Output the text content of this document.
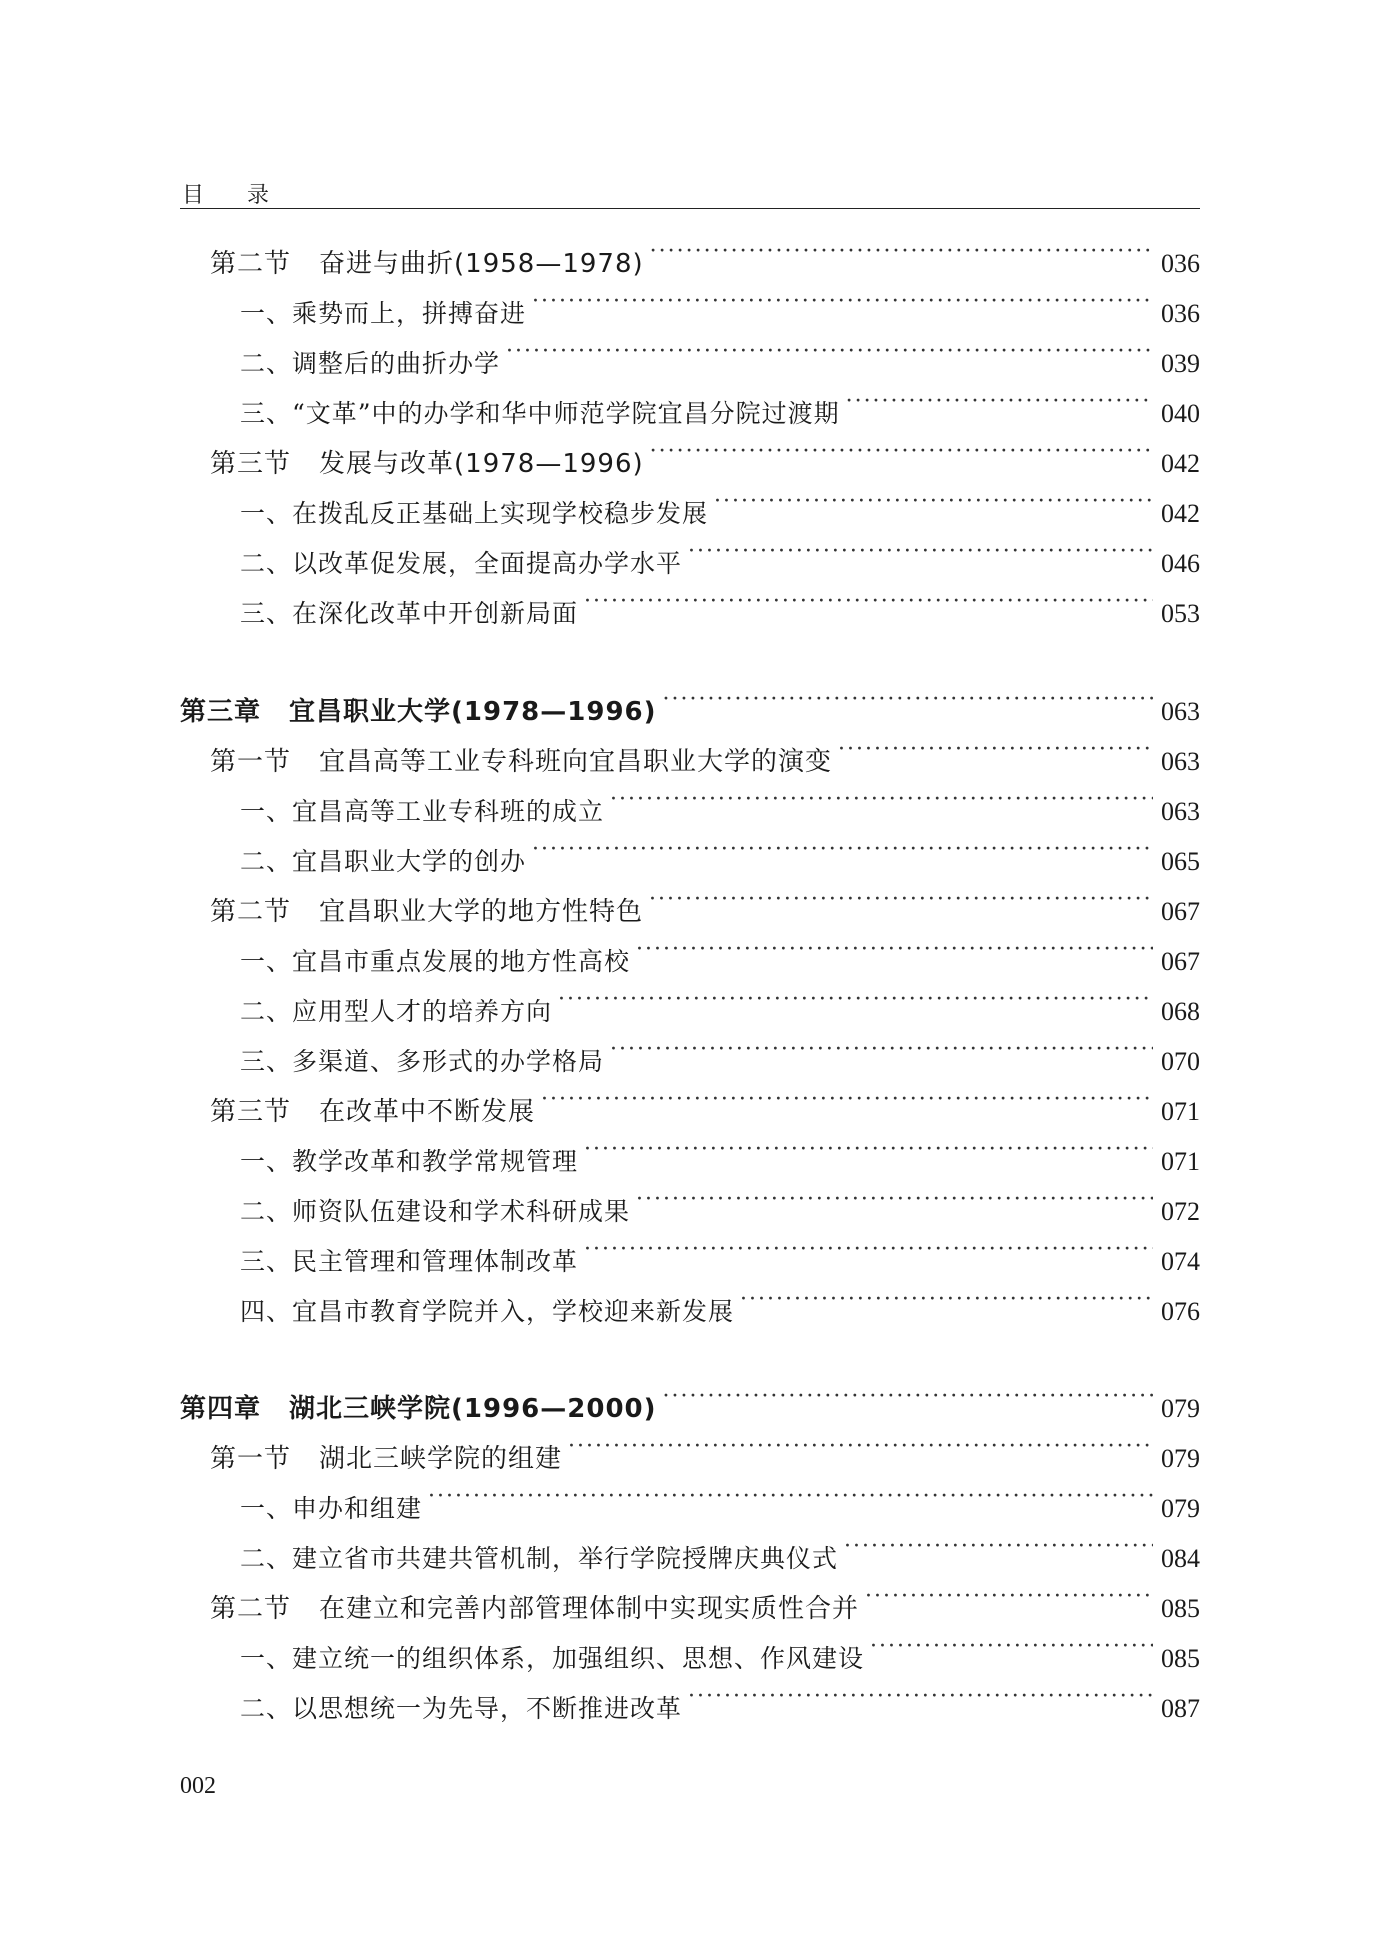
目 录
第二节 奋进与曲折(1958—1978) ·····	036
一、乘势而上，拼搏奋进 ·····	036
二、调整后的曲折办学 ·····	039
三、“文革”中的办学和华中师范学院宜昌分院过渡期 ·····	040
第三节 发展与改革(1978—1996) ·····	042
一、在拨乱反正基础上实现学校稳步发展 ·····	042
二、以改革促发展，全面提高办学水平 ·····	046
三、在深化改革中开创新局面 ·····	053
第三章 宜昌职业大学(1978—1996) ·····	063
第一节 宜昌高等工业专科班向宜昌职业大学的演变 ·····	063
一、宜昌高等工业专科班的成立 ·····	063
二、宜昌职业大学的创办 ·····	065
第二节 宜昌职业大学的地方性特色 ·····	067
一、宜昌市重点发展的地方性高校 ·····	067
二、应用型人才的培养方向 ·····	068
三、多渠道、多形式的办学格局 ·····	070
第三节 在改革中不断发展 ·····	071
一、教学改革和教学常规管理 ·····	071
二、师资队伍建设和学术科研成果 ·····	072
三、民主管理和管理体制改革 ·····	074
四、宜昌市教育学院并入，学校迎来新发展 ·····	076
第四章 湖北三峡学院(1996—2000) ·····	079
第一节 湖北三峡学院的组建 ·····	079
一、申办和组建 ·····	079
二、建立省市共建共管机制，举行学院授牌庆典仪式 ·····	084
第二节 在建立和完善内部管理体制中实现实质性合并 ·····	085
一、建立统一的组织体系，加强组织、思想、作风建设 ·····	085
二、以思想统一为先导，不断推进改革 ·····	087
002
